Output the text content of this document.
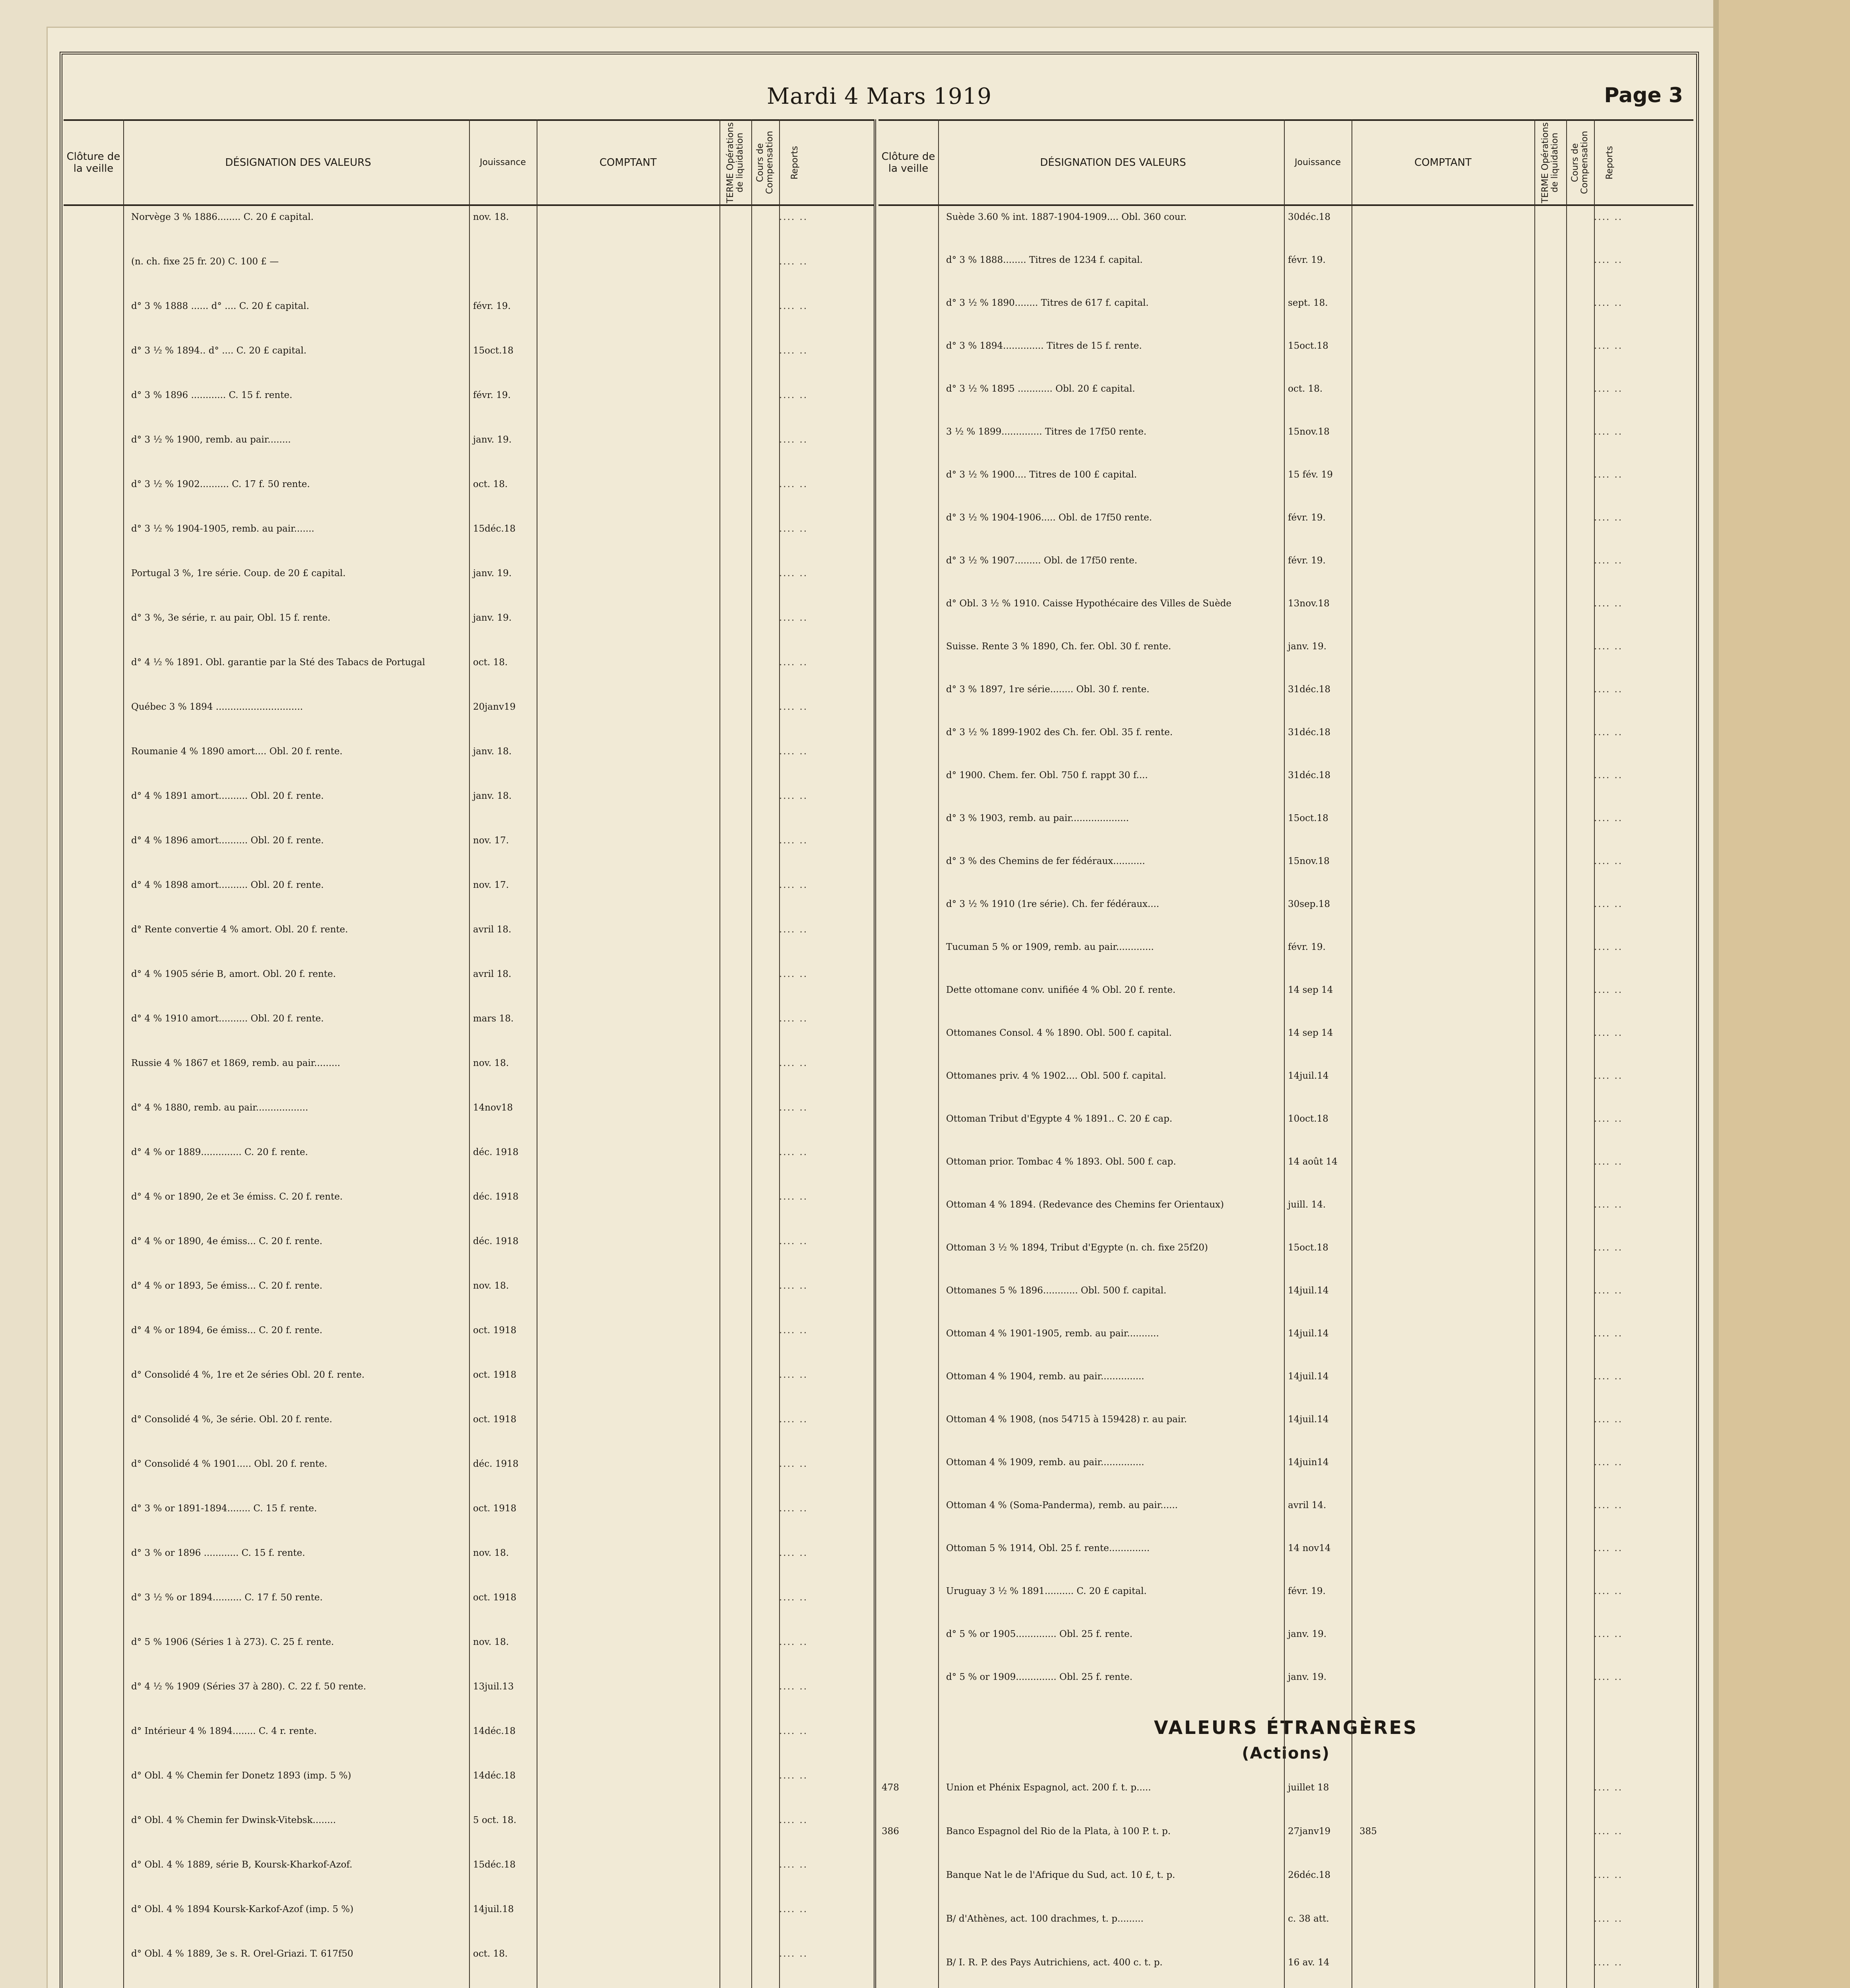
Mardi 4 Mars 1919	Page 3
Clôture de la veille	DÉSIGNATION DES VALEURS	Jouissance	COMPTANT	TERME Opérations de liquidation Cours de Compensation Reports
Norvège 3 % 1886........ C. 20 £ capital.	nov. 18.	.... ..
(n. ch. fixe 25 fr. 20) C. 100 £ —	.... ..
d° 3 % 1888 ...... d° .... C. 20 £ capital.	févr. 19.	.... ..
d° 3 ½ % 1894.. d° .... C. 20 £ capital.	15oct.18	.... ..
d° 3 % 1896 ............ C. 15 f. rente.	févr. 19.	.... ..
d° 3 ½ % 1900, remb. au pair........	janv. 19.	.... ..
d° 3 ½ % 1902.......... C. 17 f. 50 rente.	oct. 18.	.... ..
d° 3 ½ % 1904-1905, remb. au pair.......	15déc.18	.... ..
Portugal 3 %, 1re série. Coup. de 20 £ capital.	janv. 19.	.... ..
d° 3 %, 3e série, r. au pair, Obl. 15 f. rente.	janv. 19.	.... ..
d° 4 ½ % 1891. Obl. garantie par la Sté des Tabacs de Portugal	oct. 18.	.... ..
Québec 3 % 1894 ..............................	20janv19	.... ..
Roumanie 4 % 1890 amort.... Obl. 20 f. rente.	janv. 18.	.... ..
d° 4 % 1891 amort.......... Obl. 20 f. rente.	janv. 18.	.... ..
d° 4 % 1896 amort.......... Obl. 20 f. rente.	nov. 17.	.... ..
d° 4 % 1898 amort.......... Obl. 20 f. rente.	nov. 17.	.... ..
d° Rente convertie 4 % amort. Obl. 20 f. rente.	avril 18.	.... ..
d° 4 % 1905 série B, amort. Obl. 20 f. rente.	avril 18.	.... ..
d° 4 % 1910 amort.......... Obl. 20 f. rente.	mars 18.	.... ..
Russie 4 % 1867 et 1869, remb. au pair.........	nov. 18.	.... ..
d° 4 % 1880, remb. au pair..................	14nov18	.... ..
d° 4 % or 1889.............. C. 20 f. rente.	déc. 1918	.... ..
d° 4 % or 1890, 2e et 3e émiss. C. 20 f. rente.	déc. 1918	.... ..
d° 4 % or 1890, 4e émiss... C. 20 f. rente.	déc. 1918	.... ..
d° 4 % or 1893, 5e émiss... C. 20 f. rente.	nov. 18.	.... ..
d° 4 % or 1894, 6e émiss... C. 20 f. rente.	oct. 1918	.... ..
d° Consolidé 4 %, 1re et 2e séries Obl. 20 f. rente.	oct. 1918	.... ..
d° Consolidé 4 %, 3e série. Obl. 20 f. rente.	oct. 1918	.... ..
d° Consolidé 4 % 1901..... Obl. 20 f. rente.	déc. 1918	.... ..
d° 3 % or 1891-1894........ C. 15 f. rente.	oct. 1918	.... ..
d° 3 % or 1896 ............ C. 15 f. rente.	nov. 18.	.... ..
d° 3 ½ % or 1894.......... C. 17 f. 50 rente.	oct. 1918	.... ..
d° 5 % 1906 (Séries 1 à 273). C. 25 f. rente.	nov. 18.	.... ..
d° 4 ½ % 1909 (Séries 37 à 280). C. 22 f. 50 rente.	13juil.13	.... ..
d° Intérieur 4 % 1894........ C. 4 r. rente.	14déc.18	.... ..
d° Obl. 4 % Chemin fer Donetz 1893 (imp. 5 %)	14déc.18	.... ..
d° Obl. 4 % Chemin fer Dwinsk-Vitebsk........	5 oct. 18.	.... ..
d° Obl. 4 % 1889, série B, Koursk-Kharkof-Azof.	15déc.18	.... ..
d° Obl. 4 % 1894 Koursk-Karkof-Azof (imp. 5 %)	14juil.18	.... ..
d° Obl. 4 % 1889, 3e s. R. Orel-Griazi. T. 617f50	oct. 18.	.... ..
Clôture de la veille	DÉSIGNATION DES VALEURS	Jouissance	COMPTANT	TERME Opérations de liquidation Cours de Compensation Reports
Suède 3.60 % int. 1887-1904-1909.... Obl. 360 cour.	30déc.18	.... ..
d° 3 % 1888........ Titres de 1234 f. capital.	févr. 19.	.... ..
d° 3 ½ % 1890........ Titres de 617 f. capital.	sept. 18.	.... ..
d° 3 % 1894.............. Titres de 15 f. rente.	15oct.18	.... ..
d° 3 ½ % 1895 ............ Obl. 20 £ capital.	oct. 18.	.... ..
3 ½ % 1899.............. Titres de 17f50 rente.	15nov.18	.... ..
d° 3 ½ % 1900.... Titres de 100 £ capital.	15 fév. 19	.... ..
d° 3 ½ % 1904-1906..... Obl. de 17f50 rente.	févr. 19.	.... ..
d° 3 ½ % 1907......... Obl. de 17f50 rente.	févr. 19.	.... ..
d° Obl. 3 ½ % 1910. Caisse Hypothécaire des Villes de Suède	13nov.18	.... ..
Suisse. Rente 3 % 1890, Ch. fer. Obl. 30 f. rente.	janv. 19.	.... ..
d° 3 % 1897, 1re série........ Obl. 30 f. rente.	31déc.18	.... ..
d° 3 ½ % 1899-1902 des Ch. fer. Obl. 35 f. rente.	31déc.18	.... ..
d° 1900. Chem. fer. Obl. 750 f. rappt 30 f....	31déc.18	.... ..
d° 3 % 1903, remb. au pair....................	15oct.18	.... ..
d° 3 % des Chemins de fer fédéraux...........	15nov.18	.... ..
d° 3 ½ % 1910 (1re série). Ch. fer fédéraux....	30sep.18	.... ..
Tucuman 5 % or 1909, remb. au pair.............	févr. 19.	.... ..
Dette ottomane conv. unifiée 4 % Obl. 20 f. rente.	14 sep 14	.... ..
Ottomanes Consol. 4 % 1890. Obl. 500 f. capital.	14 sep 14	.... ..
Ottomanes priv. 4 % 1902.... Obl. 500 f. capital.	14juil.14	.... ..
Ottoman Tribut d'Egypte 4 % 1891.. C. 20 £ cap.	10oct.18	.... ..
Ottoman prior. Tombac 4 % 1893. Obl. 500 f. cap.	14 août 14	.... ..
Ottoman 4 % 1894. (Redevance des Chemins fer Orientaux)	juill. 14.	.... ..
Ottoman 3 ½ % 1894, Tribut d'Egypte (n. ch. fixe 25f20)	15oct.18	.... ..
Ottomanes 5 % 1896............ Obl. 500 f. capital.	14juil.14	.... ..
Ottoman 4 % 1901-1905, remb. au pair...........	14juil.14	.... ..
Ottoman 4 % 1904, remb. au pair...............	14juil.14	.... ..
Ottoman 4 % 1908, (nos 54715 à 159428) r. au pair.	14juil.14	.... ..
Ottoman 4 % 1909, remb. au pair...............	14juin14	.... ..
Ottoman 4 % (Soma-Panderma), remb. au pair......	avril 14.	.... ..
Ottoman 5 % 1914, Obl. 25 f. rente..............	14 nov14	.... ..
Uruguay 3 ½ % 1891.......... C. 20 £ capital.	févr. 19.	.... ..
d° 5 % or 1905.............. Obl. 25 f. rente.	janv. 19.	.... ..
d° 5 % or 1909.............. Obl. 25 f. rente.	janv. 19.	.... ..
VALEURS ÉTRANGÈRES
(Actions)
478	Union et Phénix Espagnol, act. 200 f. t. p.....	juillet 18	.... ..
386	Banco Espagnol del Rio de la Plata, à 100 P. t. p.	27janv19	385	.... ..
Banque Nat le de l'Afrique du Sud, act. 10 £, t. p.	26déc.18	.... ..
B/ d'Athènes, act. 100 drachmes, t. p.........	c. 38 att.	.... ..
B/ I. R. P. des Pays Autrichiens, act. 400 c. t. p.	16 av. 14	.... ..
